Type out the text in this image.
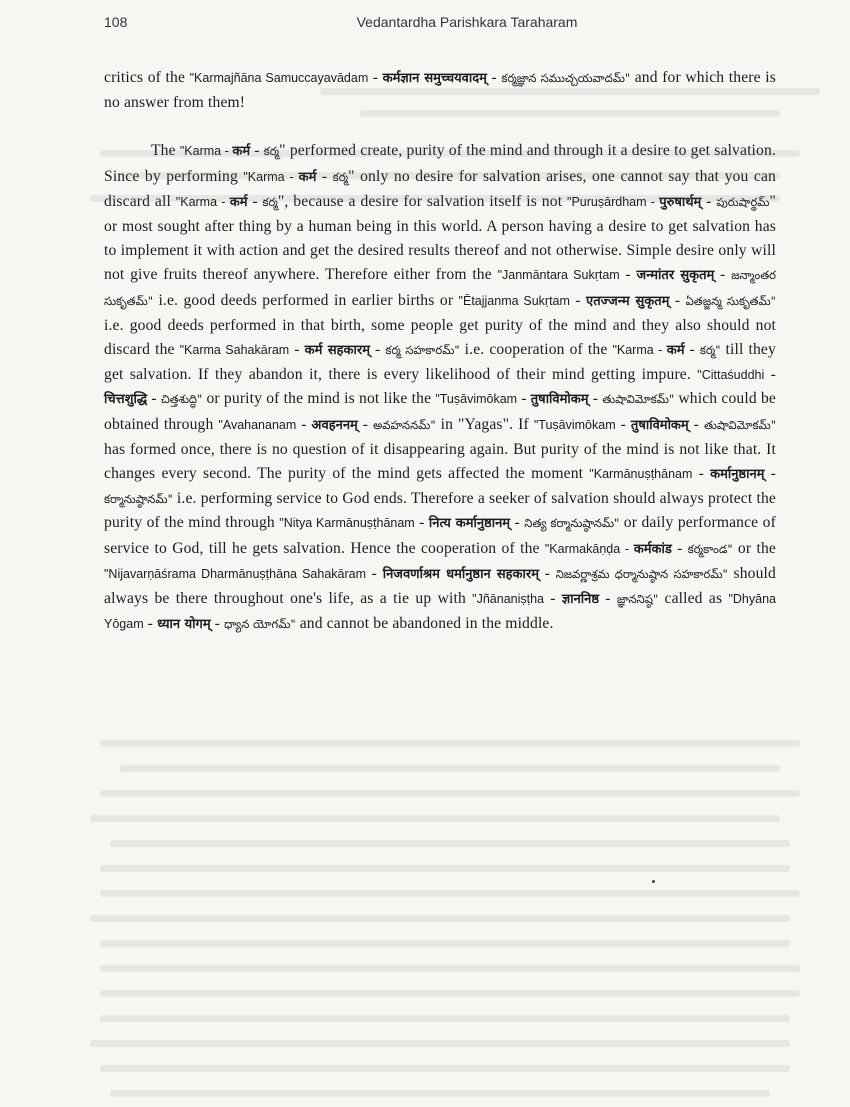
108	Vedantardha Parishkara Taraharam

critics of the "Karmajñāna Samuccayavādam - कर्मज्ञान समुच्चयवादम् - కర్మజ్ఞాన సముచ్చయవాదమ్" and for which there is no answer from them!

The "Karma - कर्म - కర్మ" performed create, purity of the mind and through it a desire to get salvation. Since by performing "Karma - कर्म - కర్మ" only no desire for salvation arises, one cannot say that you can discard all "Karma - कर्म - కర్మ", because a desire for salvation itself is not "Puruṣārdham - पुरुषार्थम् - పురుషార్థమ్" or most sought after thing by a human being in this world. A person having a desire to get salvation has to implement it with action and get the desired results thereof and not otherwise. Simple desire only will not give fruits thereof anywhere. Therefore either from the "Janmāntara Sukṛtam - जन्मांतर सुकृतम् - జన్మాంతర సుకృతమ్" i.e. good deeds performed in earlier births or "Ētajjanma Sukṛtam - एतज्जन्म सुकृतम् - ఏతజ్జన్మ సుకృతమ్" i.e. good deeds performed in that birth, some people get purity of the mind and they also should not discard the "Karma Sahakāram - कर्म सहकारम् - కర్మ సహకారమ్" i.e. cooperation of the "Karma - कर्म - కర్మ" till they get salvation. If they abandon it, there is every likelihood of their mind getting impure. "Cittaśuddhi - चित्तशुद्धि - చిత్తశుద్ధి" or purity of the mind is not like the "Tuṣāvimōkam - तुषाविमोकम् - తుషావిమోకమ్" which could be obtained through "Avahananam - अवहननम् - అవహననమ్" in "Yagas". If "Tuṣāvimōkam - तुषाविमोकम् - తుషావిమోకమ్" has formed once, there is no question of it disappearing again. But purity of the mind is not like that. It changes every second. The purity of the mind gets affected the moment "Karmānuṣṭhānam - कर्मानुष्ठानम् - కర్మానుష్ఠానమ్" i.e. performing service to God ends. Therefore a seeker of salvation should always protect the purity of the mind through "Nitya Karmānuṣṭhānam - नित्य कर्मानुष्ठानम् - నిత్య కర్మానుష్ఠానమ్" or daily performance of service to God, till he gets salvation. Hence the cooperation of the "Karmakāṇḍa - कर्मकांड - కర్మకాండ" or the "Nijavarṇāśrama Dharmānuṣṭhāna Sahakāram - निजवर्णाश्रम धर्मानुष्ठान सहकारम् - నిజవర్ణాశ్రమ ధర్మానుష్ఠాన సహకారమ్" should always be there throughout one's life, as a tie up with "Jñānaniṣṭha - ज्ञाननिष्ठ - జ్ఞాననిష్ఠ" called as "Dhyāna Yōgam - ध्यान योगम् - ధ్యాన యోగమ్" and cannot be abandoned in the middle.
